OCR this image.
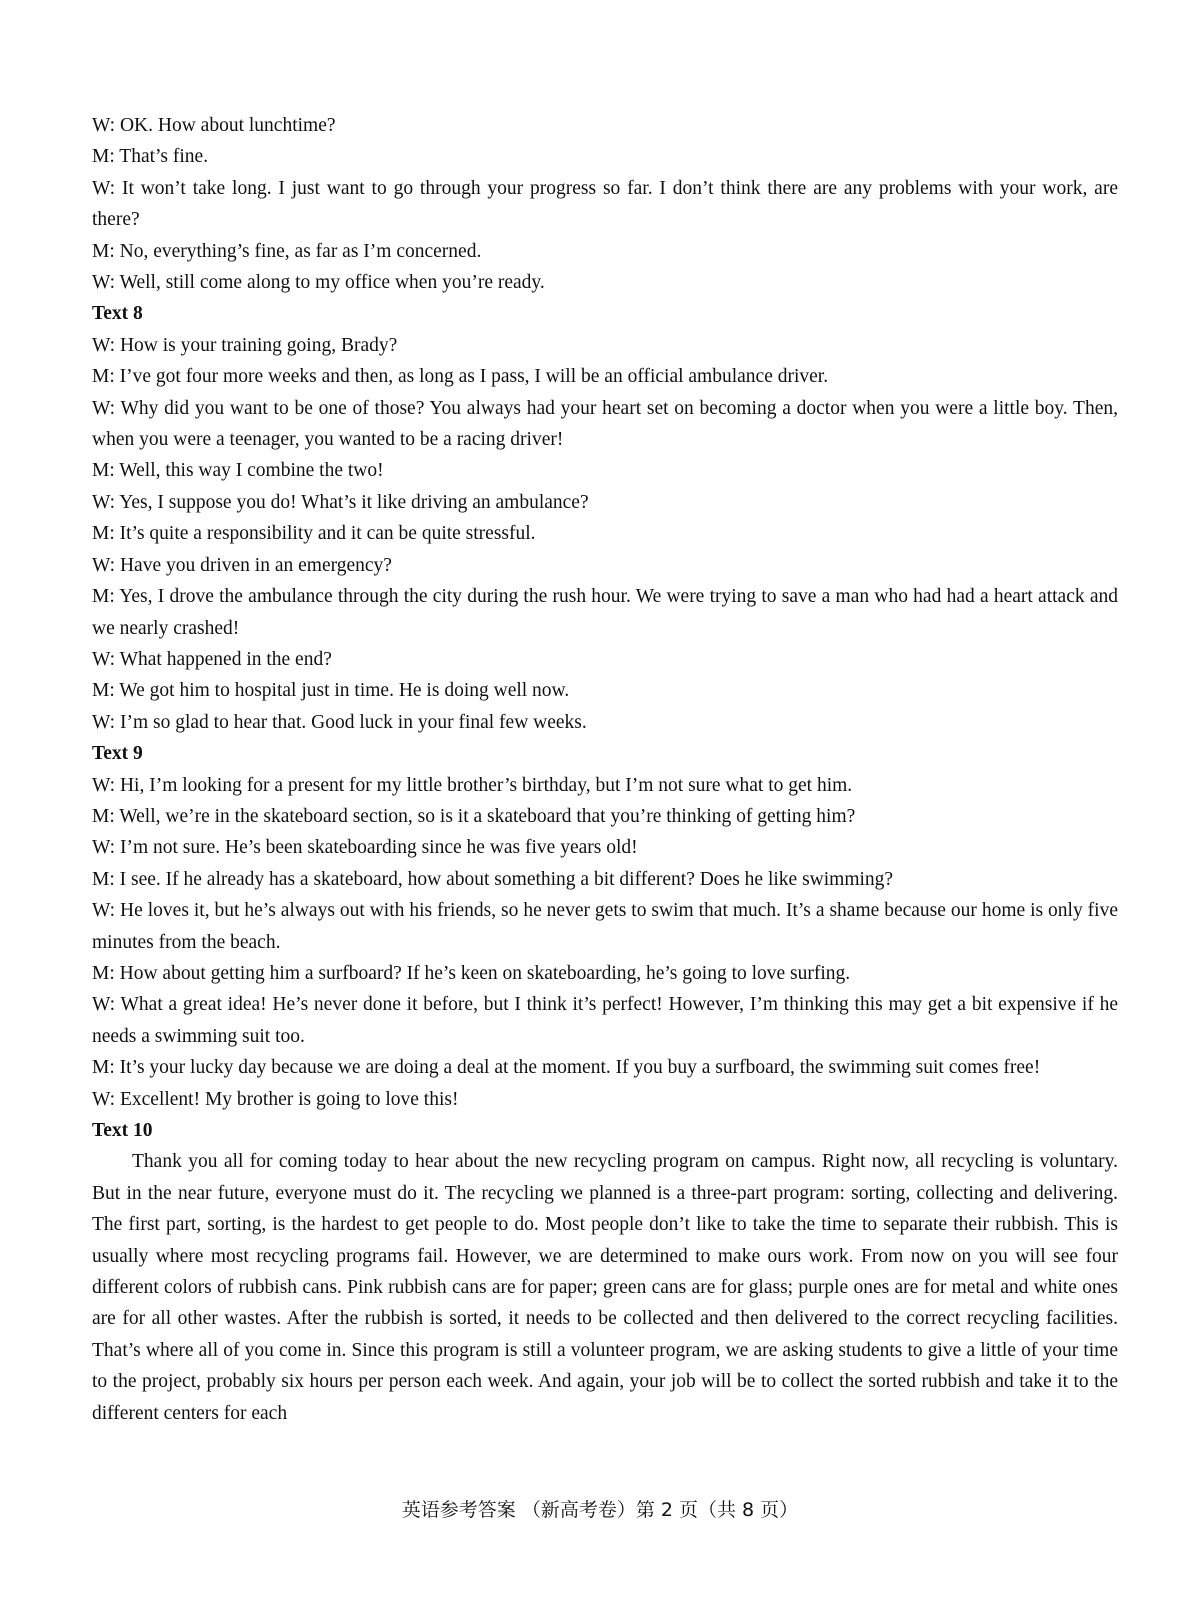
W: OK. How about lunchtime?

M: That’s fine.

W: It won’t take long. I just want to go through your progress so far. I don’t think there are any problems with your work, are there?

M: No, everything’s fine, as far as I’m concerned.

W: Well, still come along to my office when you’re ready.

Text 8

W: How is your training going, Brady?

M: I’ve got four more weeks and then, as long as I pass, I will be an official ambulance driver.

W: Why did you want to be one of those? You always had your heart set on becoming a doctor when you were a little boy. Then, when you were a teenager, you wanted to be a racing driver!

M: Well, this way I combine the two!

W: Yes, I suppose you do! What’s it like driving an ambulance?

M: It’s quite a responsibility and it can be quite stressful.

W: Have you driven in an emergency?

M: Yes, I drove the ambulance through the city during the rush hour. We were trying to save a man who had had a heart attack and we nearly crashed!

W: What happened in the end?

M: We got him to hospital just in time. He is doing well now.

W: I’m so glad to hear that. Good luck in your final few weeks.

Text 9

W: Hi, I’m looking for a present for my little brother’s birthday, but I’m not sure what to get him.

M: Well, we’re in the skateboard section, so is it a skateboard that you’re thinking of getting him?

W: I’m not sure. He’s been skateboarding since he was five years old!

M: I see. If he already has a skateboard, how about something a bit different? Does he like swimming?

W: He loves it, but he’s always out with his friends, so he never gets to swim that much. It’s a shame because our home is only five minutes from the beach.

M: How about getting him a surfboard? If he’s keen on skateboarding, he’s going to love surfing.

W: What a great idea! He’s never done it before, but I think it’s perfect! However, I’m thinking this may get a bit expensive if he needs a swimming suit too.

M: It’s your lucky day because we are doing a deal at the moment. If you buy a surfboard, the swimming suit comes free!

W: Excellent! My brother is going to love this!

Text 10

Thank you all for coming today to hear about the new recycling program on campus. Right now, all recycling is voluntary. But in the near future, everyone must do it. The recycling we planned is a three-part program: sorting, collecting and delivering. The first part, sorting, is the hardest to get people to do. Most people don’t like to take the time to separate their rubbish. This is usually where most recycling programs fail. However, we are determined to make ours work. From now on you will see four different colors of rubbish cans. Pink rubbish cans are for paper; green cans are for glass; purple ones are for metal and white ones are for all other wastes. After the rubbish is sorted, it needs to be collected and then delivered to the correct recycling facilities. That’s where all of you come in. Since this program is still a volunteer program, we are asking students to give a little of your time to the project, probably six hours per person each week. And again, your job will be to collect the sorted rubbish and take it to the different centers for each

英语参考答案 （新高考卷）第 2 页（共 8 页）
